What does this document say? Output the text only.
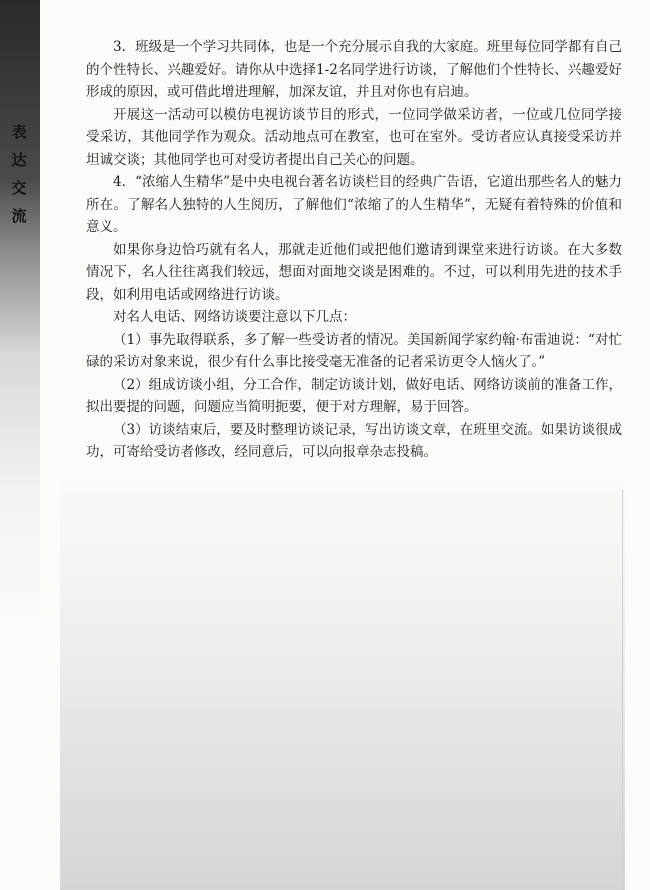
表达交流

3．班级是一个学习共同体，也是一个充分展示自我的大家庭。班里每位同学都有自己的个性特长、兴趣爱好。请你从中选择1-2名同学进行访谈，了解他们个性特长、兴趣爱好形成的原因，或可借此增进理解，加深友谊，并且对你也有启迪。

开展这一活动可以模仿电视访谈节目的形式，一位同学做采访者，一位或几位同学接受采访，其他同学作为观众。活动地点可在教室，也可在室外。受访者应认真接受采访并坦诚交谈；其他同学也可对受访者提出自己关心的问题。

4．“浓缩人生精华”是中央电视台著名访谈栏目的经典广告语，它道出那些名人的魅力所在。了解名人独特的人生阅历，了解他们“浓缩了的人生精华”，无疑有着特殊的价值和意义。

如果你身边恰巧就有名人，那就走近他们或把他们邀请到课堂来进行访谈。在大多数情况下，名人往往离我们较远，想面对面地交谈是困难的。不过，可以利用先进的技术手段，如利用电话或网络进行访谈。

对名人电话、网络访谈要注意以下几点：

（1）事先取得联系，多了解一些受访者的情况。美国新闻学家约翰·布雷迪说：“对忙碌的采访对象来说，很少有什么事比接受毫无准备的记者采访更令人恼火了。”

（2）组成访谈小组，分工合作，制定访谈计划，做好电话、网络访谈前的准备工作，拟出要提的问题，问题应当简明扼要，便于对方理解，易于回答。

（3）访谈结束后，要及时整理访谈记录，写出访谈文章，在班里交流。如果访谈很成功，可寄给受访者修改，经同意后，可以向报章杂志投稿。
